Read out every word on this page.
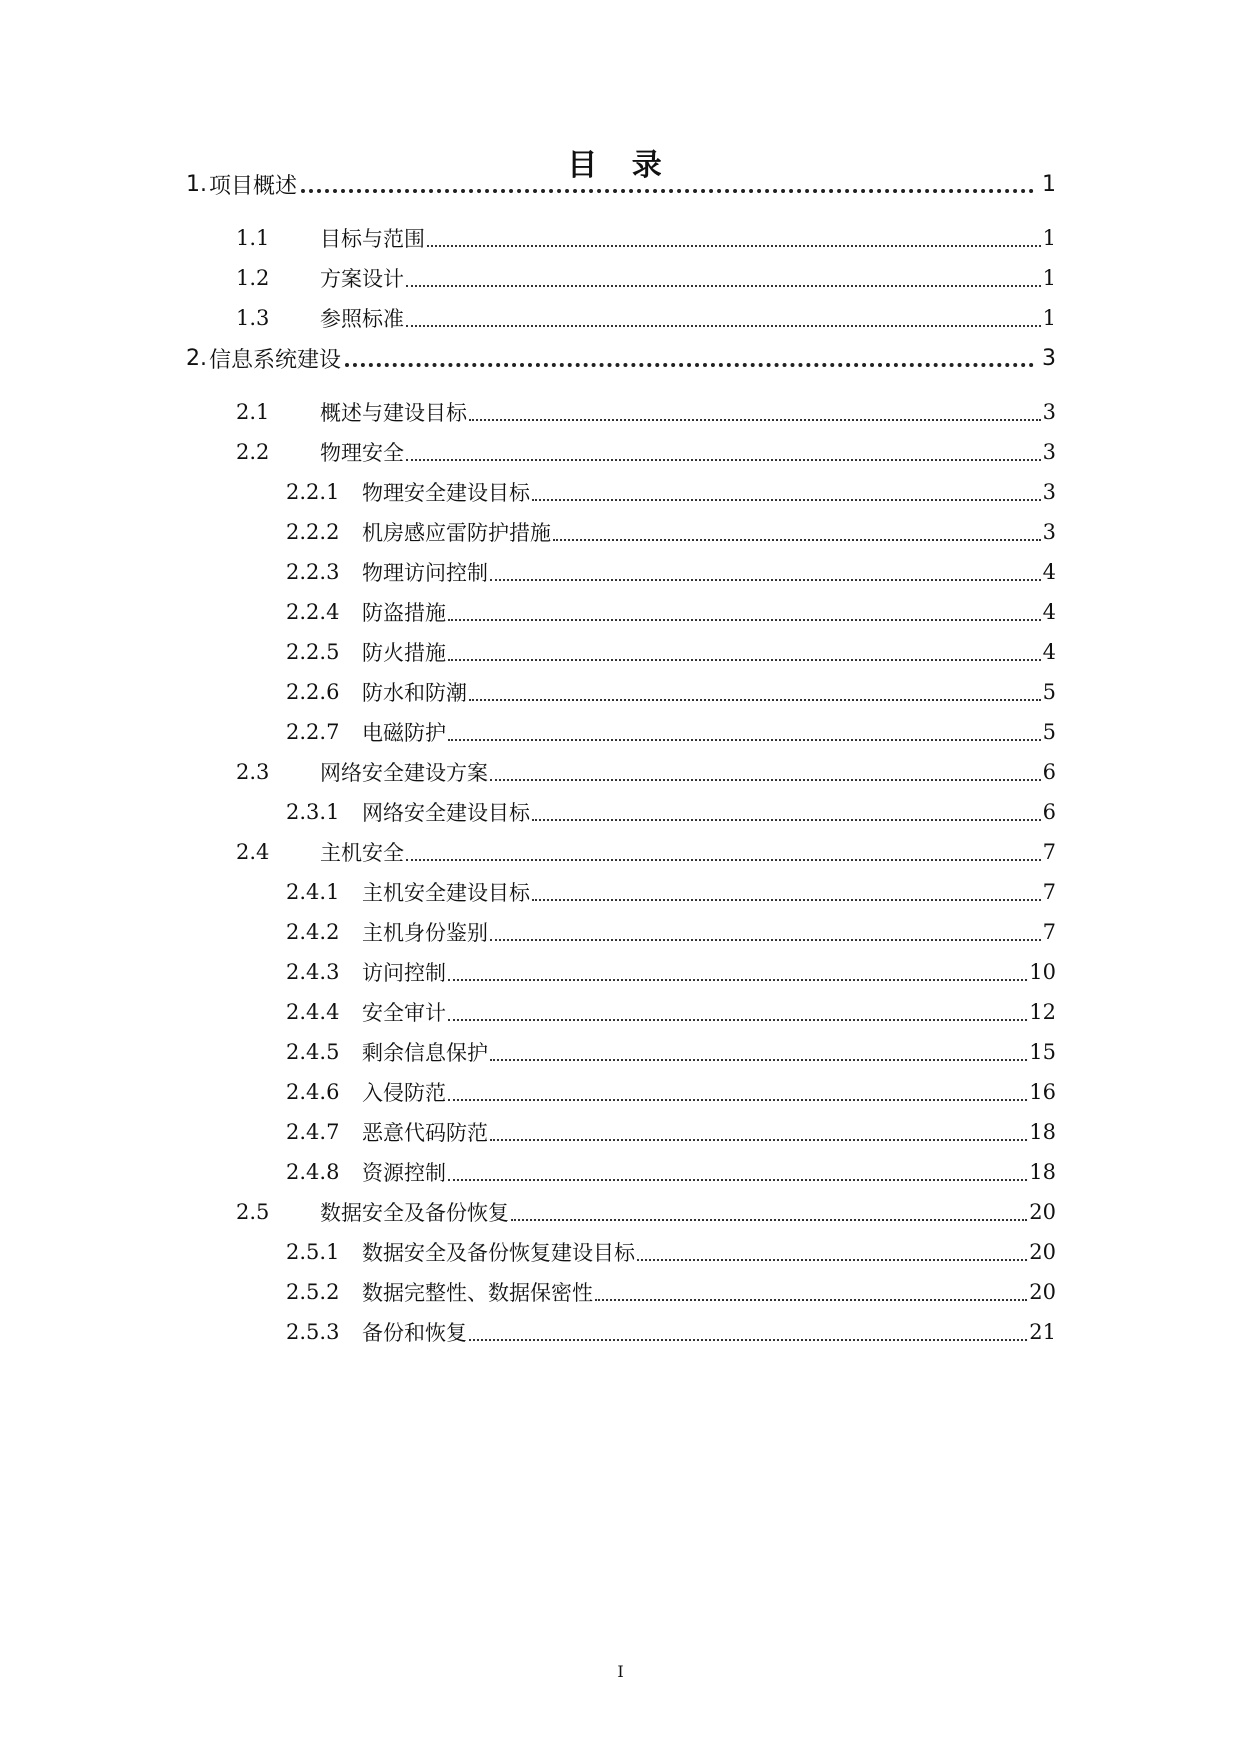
目 录
1. 项目概述	1
1.1	目标与范围	1
1.2	方案设计	1
1.3	参照标准	1
2. 信息系统建设	3
2.1	概述与建设目标	3
2.2	物理安全	3
2.2.1	物理安全建设目标	3
2.2.2	机房感应雷防护措施	3
2.2.3	物理访问控制	4
2.2.4	防盗措施	4
2.2.5	防火措施	4
2.2.6	防水和防潮	5
2.2.7	电磁防护	5
2.3	网络安全建设方案	6
2.3.1	网络安全建设目标	6
2.4	主机安全	7
2.4.1	主机安全建设目标	7
2.4.2	主机身份鉴别	7
2.4.3	访问控制	10
2.4.4	安全审计	12
2.4.5	剩余信息保护	15
2.4.6	入侵防范	16
2.4.7	恶意代码防范	18
2.4.8	资源控制	18
2.5	数据安全及备份恢复	20
2.5.1	数据安全及备份恢复建设目标	20
2.5.2	数据完整性、数据保密性	20
2.5.3	备份和恢复	21
I
